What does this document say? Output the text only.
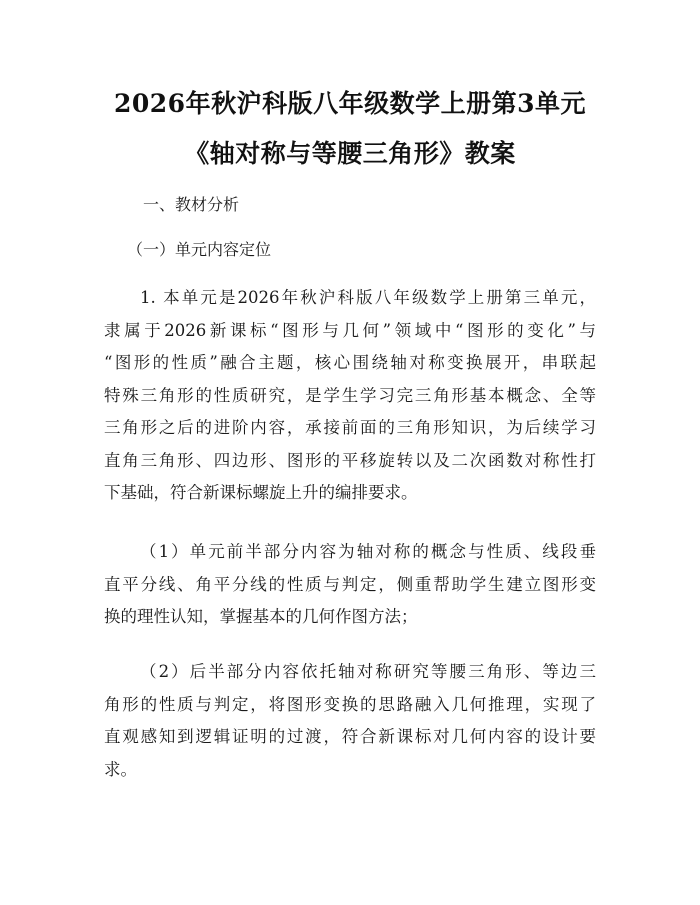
2026年秋沪科版八年级数学上册第3单元
《轴对称与等腰三角形》教案
一、教材分析
（一）单元内容定位
1. 本单元是2026年秋沪科版八年级数学上册第三单元，
隶属于2026新课标“图形与几何”领域中“图形的变化”与
“图形的性质”融合主题，核心围绕轴对称变换展开，串联起
特殊三角形的性质研究，是学生学习完三角形基本概念、全等
三角形之后的进阶内容，承接前面的三角形知识，为后续学习
直角三角形、四边形、图形的平移旋转以及二次函数对称性打
下基础，符合新课标螺旋上升的编排要求。
（1）单元前半部分内容为轴对称的概念与性质、线段垂
直平分线、角平分线的性质与判定，侧重帮助学生建立图形变
换的理性认知，掌握基本的几何作图方法；
（2）后半部分内容依托轴对称研究等腰三角形、等边三
角形的性质与判定，将图形变换的思路融入几何推理，实现了
直观感知到逻辑证明的过渡，符合新课标对几何内容的设计要
求。
